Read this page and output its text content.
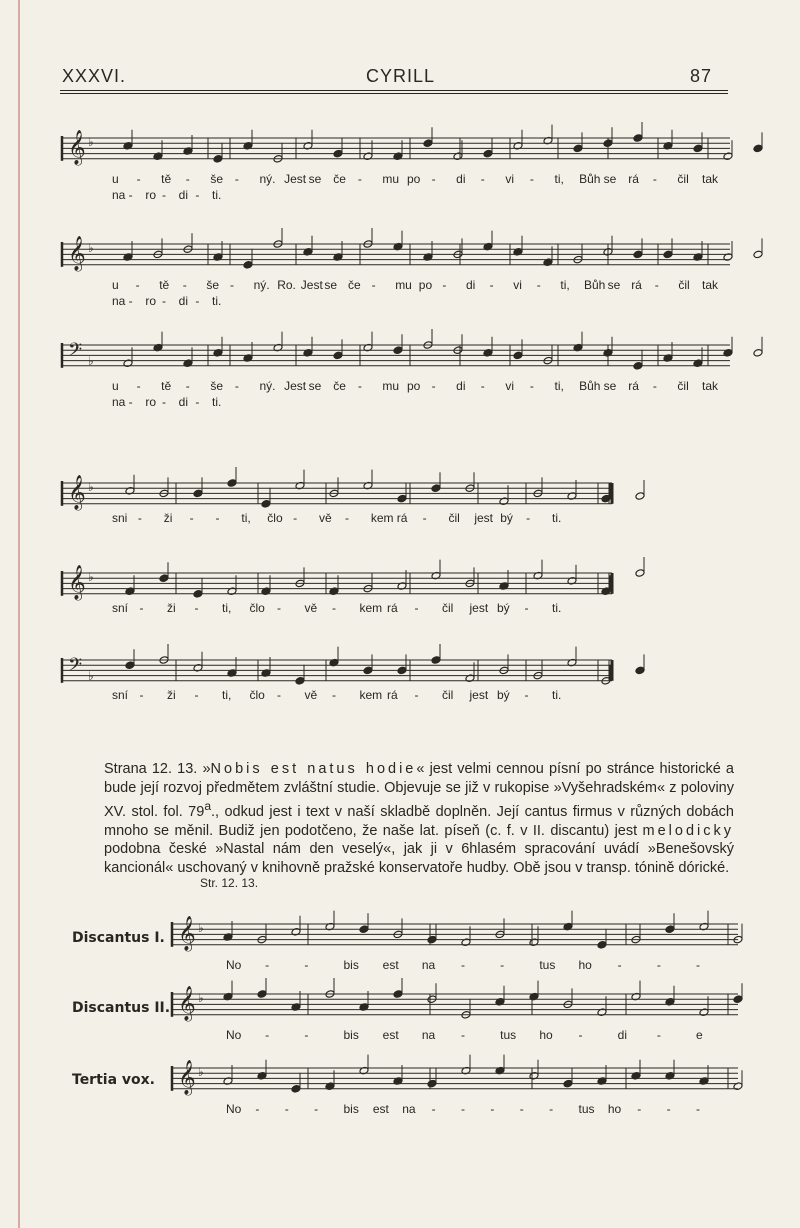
XXXVI.	CYRILL	87
𝄞 ♭
u - tě - še - ný. Jest se če - mu po - di - vi - ti, Bůh se rá - čil tak
na - ro - di - ti.
𝄞 ♭
u - tě - še - ný. Ro. Jest se če - mu po - di - vi - ti, Bůh se rá - čil tak
na - ro - di - ti.
𝄢 ♭
u - tě - še - ný. Jest se če - mu po - di - vi - ti, Bůh se rá - čil tak
na - ro - di - ti.
𝄞 ♭
sni - ži - - ti, člo - vě - kem rá - čil jest bý - ti.
𝄞 ♭
sní - ži - ti, člo - vě - kem rá - čil jest bý - ti.
𝄢 ♭
sní - ži - ti, člo - vě - kem rá - čil jest bý - ti.
𝄞 ♭
No -	-	bis est na -	-	tus ho -	-	-
𝄞 ♭
No -	-	bis est na -	tus ho -	di -	e
𝄞 ♭
No - - - bis est na - - - - - tus ho - - -

Strana 12. 13. »Nobis est natus hodie« jest velmi cennou písní po stránce historické a bude její rozvoj předmětem zvláštní studie. Objevuje se již v rukopise »Vyšehradském« z poloviny XV. stol. fol. 79$^a$., odkud jest i text v naší skladbě doplněn. Její cantus firmus v různých dobách mnoho se měnil. Budiž jen podotčeno, že naše lat. píseň (c. f. v II. discantu) jest melodicky podobna české »Nastal nám den veselý«, jak ji v 6hlasém spracování uvádí »Benešovský kancionál« uschovaný v knihovně pražské konservatoře hudby. Obě jsou v transp. tónině dórické.

Str. 12. 13.
Discantus I.
Discantus II.
Tertia vox.
